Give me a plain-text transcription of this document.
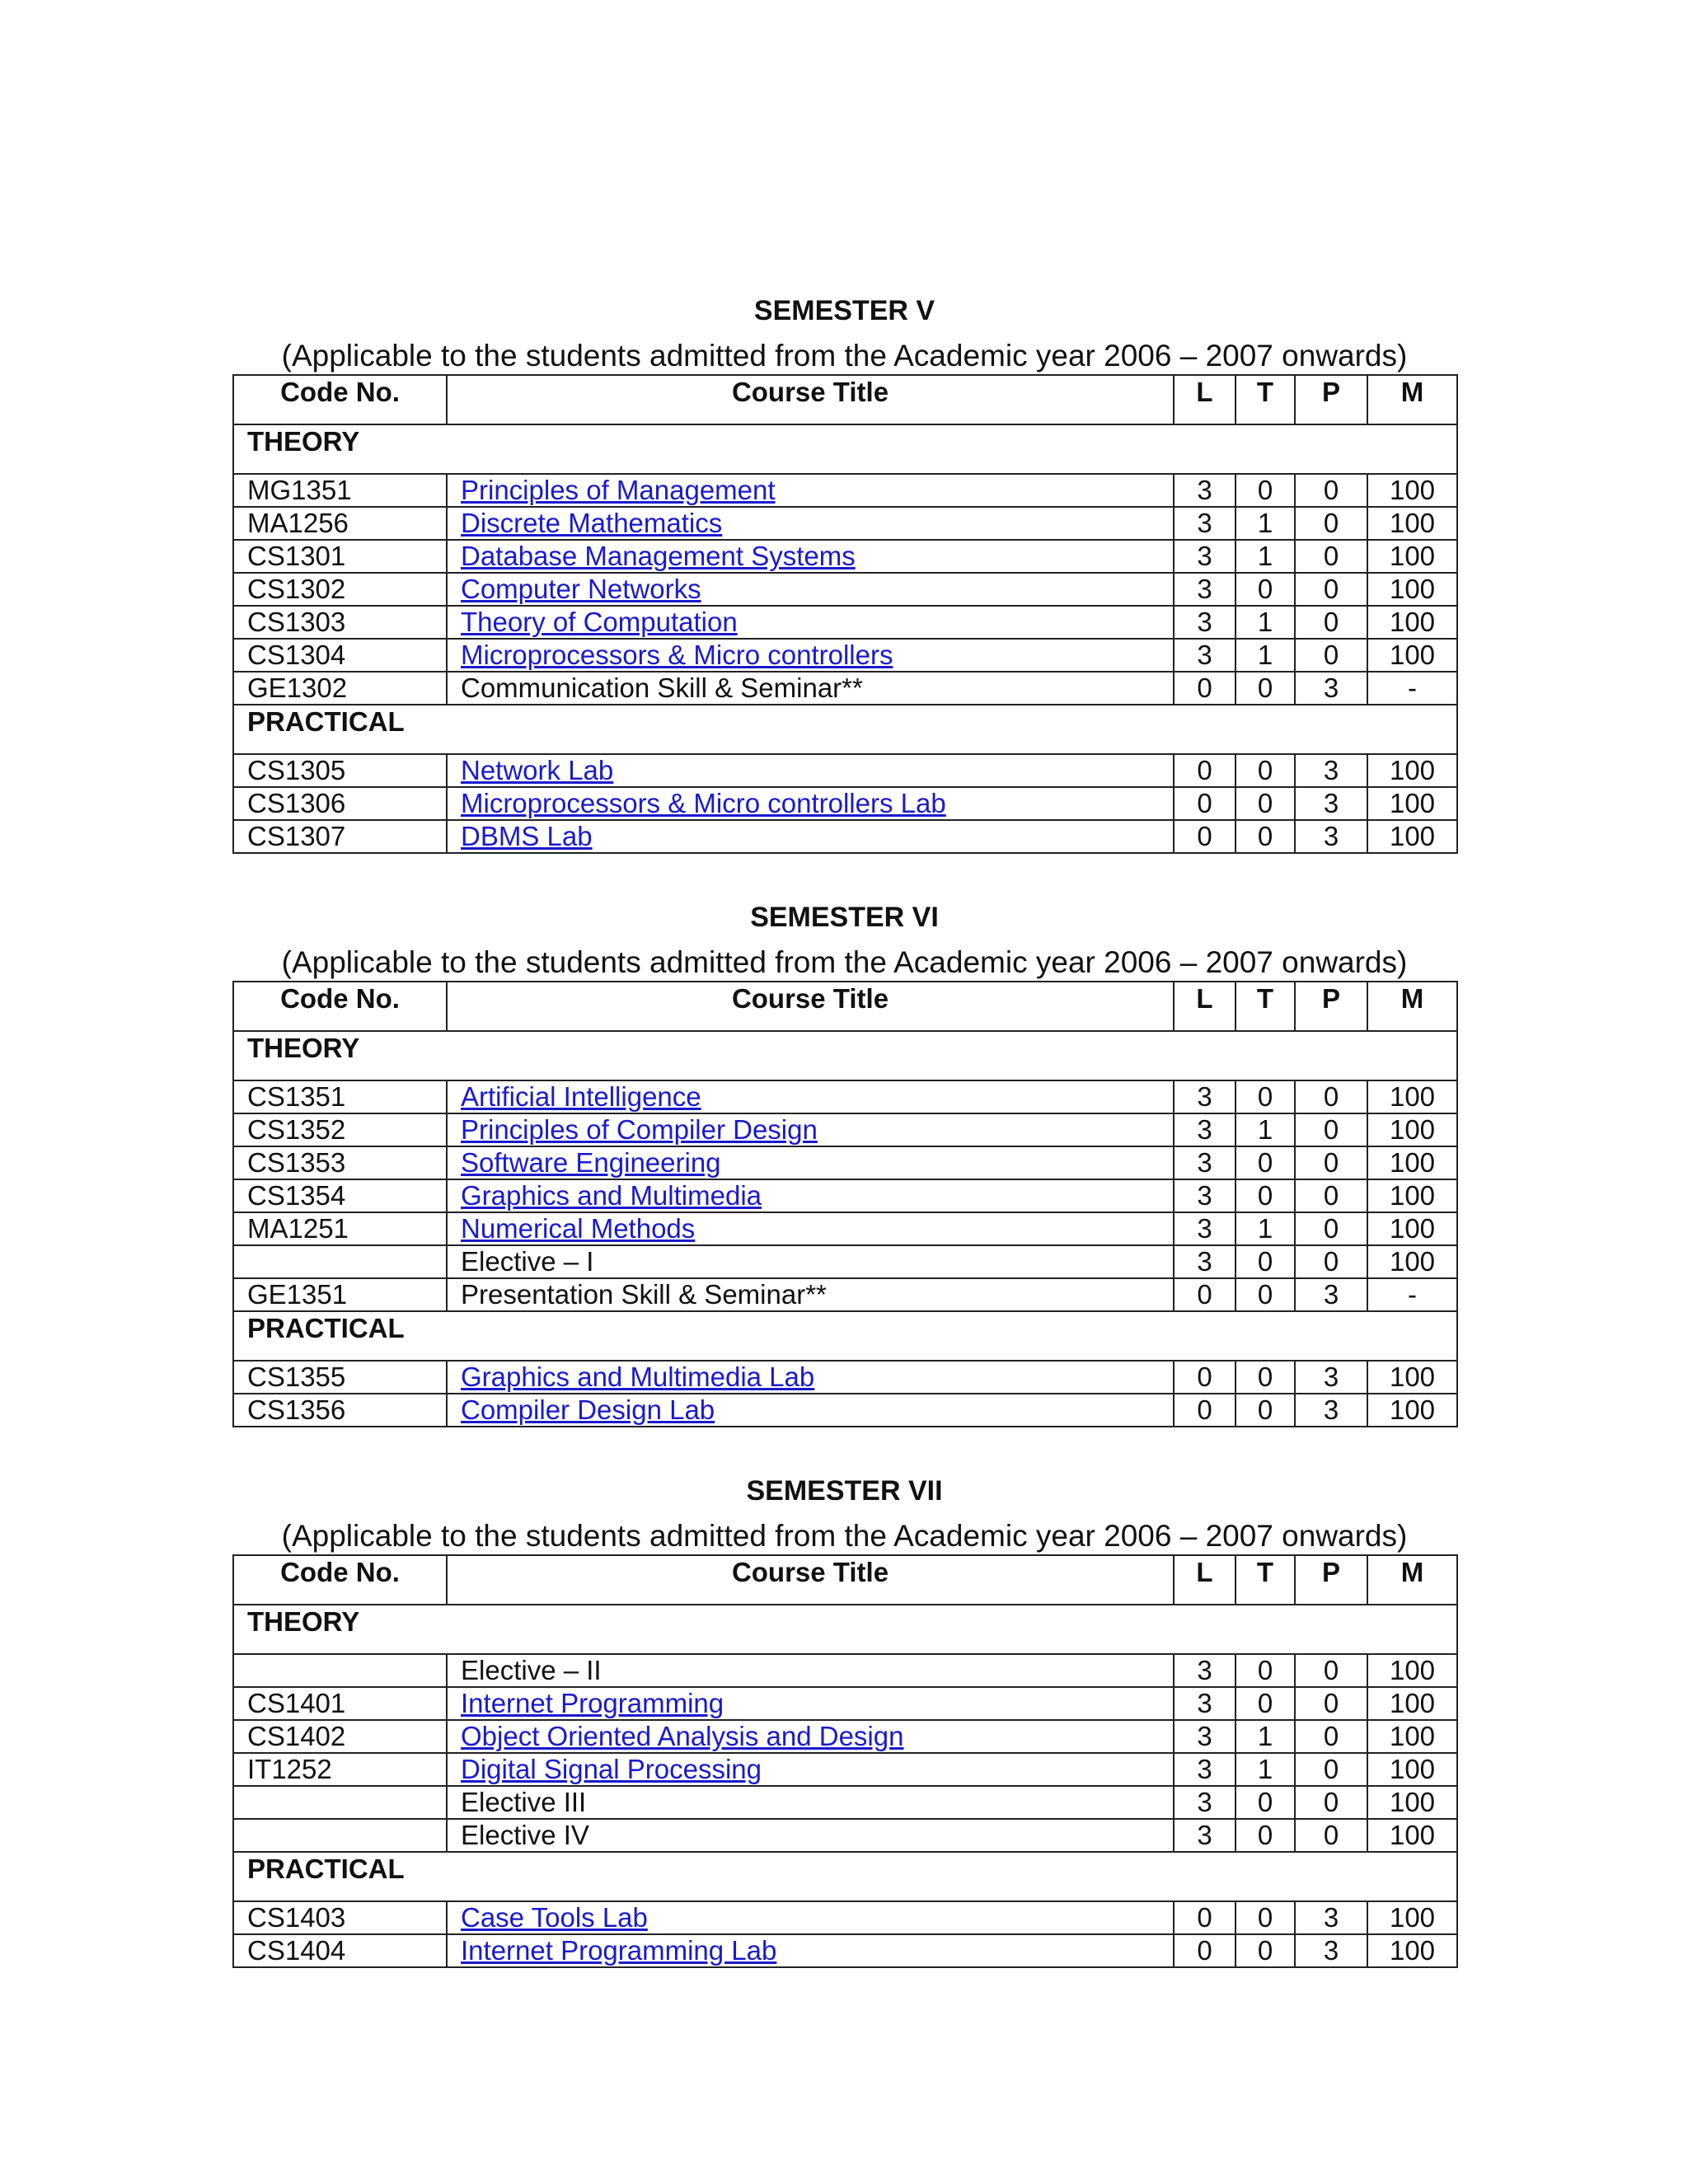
SEMESTER V
(Applicable to the students admitted from the Academic year 2006 – 2007 onwards)
Code No.	Course Title	L	T	P	M
THEORY					
MG1351	Principles of Management	3	0	0	100
MA1256	Discrete Mathematics	3	1	0	100
CS1301	Database Management Systems	3	1	0	100
CS1302	Computer Networks	3	0	0	100
CS1303	Theory of Computation	3	1	0	100
CS1304	Microprocessors & Micro controllers	3	1	0	100
GE1302	Communication Skill & Seminar**	0	0	3	-
PRACTICAL					
CS1305	Network Lab	0	0	3	100
CS1306	Microprocessors & Micro controllers Lab	0	0	3	100
CS1307	DBMS Lab	0	0	3	100
SEMESTER VI
(Applicable to the students admitted from the Academic year 2006 – 2007 onwards)
Code No.	Course Title	L	T	P	M
THEORY					
CS1351	Artificial Intelligence	3	0	0	100
CS1352	Principles of Compiler Design	3	1	0	100
CS1353	Software Engineering	3	0	0	100
CS1354	Graphics and Multimedia	3	0	0	100
MA1251	Numerical Methods	3	1	0	100
	Elective – I	3	0	0	100
GE1351	Presentation Skill & Seminar**	0	0	3	-
PRACTICAL					
CS1355	Graphics and Multimedia Lab	0	0	3	100
CS1356	Compiler Design Lab	0	0	3	100
SEMESTER VII
(Applicable to the students admitted from the Academic year 2006 – 2007 onwards)
Code No.	Course Title	L	T	P	M
THEORY					
	Elective – II	3	0	0	100
CS1401	Internet Programming	3	0	0	100
CS1402	Object Oriented Analysis and Design	3	1	0	100
IT1252	Digital Signal Processing	3	1	0	100
	Elective III	3	0	0	100
	Elective IV	3	0	0	100
PRACTICAL					
CS1403	Case Tools Lab	0	0	3	100
CS1404	Internet Programming Lab	0	0	3	100
